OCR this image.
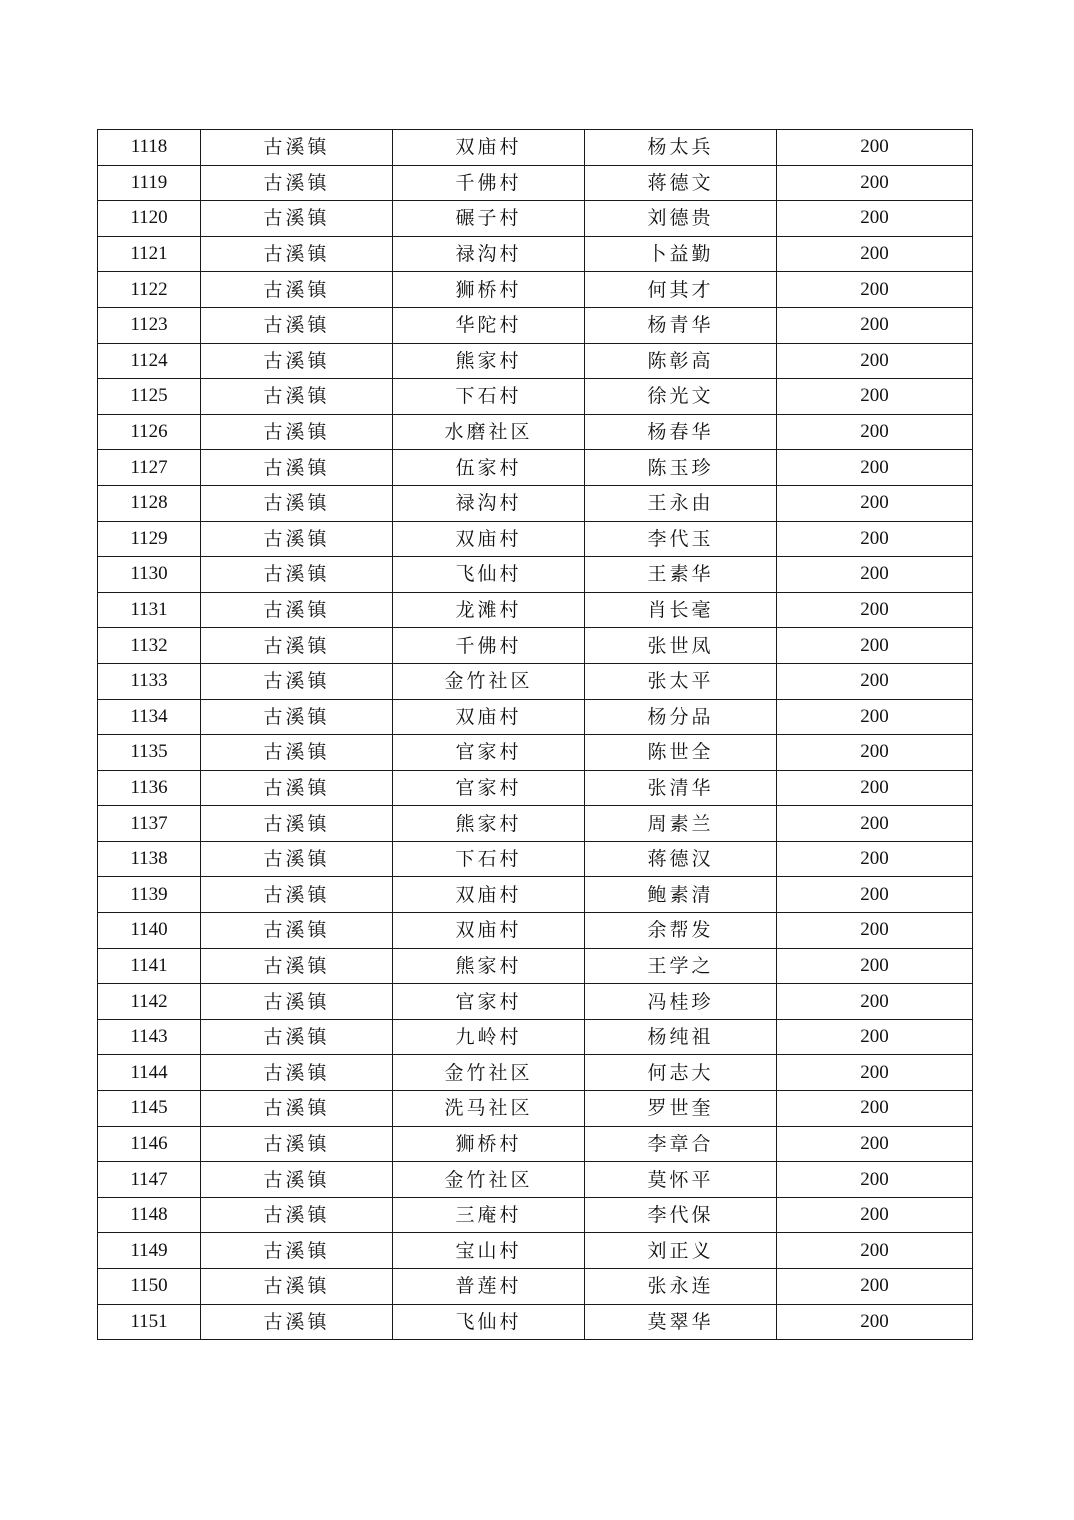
1118	古溪镇	双庙村	杨太兵	200
1119	古溪镇	千佛村	蒋德文	200
1120	古溪镇	碾子村	刘德贵	200
1121	古溪镇	禄沟村	卜益勤	200
1122	古溪镇	狮桥村	何其才	200
1123	古溪镇	华陀村	杨青华	200
1124	古溪镇	熊家村	陈彰高	200
1125	古溪镇	下石村	徐光文	200
1126	古溪镇	水磨社区	杨春华	200
1127	古溪镇	伍家村	陈玉珍	200
1128	古溪镇	禄沟村	王永由	200
1129	古溪镇	双庙村	李代玉	200
1130	古溪镇	飞仙村	王素华	200
1131	古溪镇	龙滩村	肖长毫	200
1132	古溪镇	千佛村	张世凤	200
1133	古溪镇	金竹社区	张太平	200
1134	古溪镇	双庙村	杨分品	200
1135	古溪镇	官家村	陈世全	200
1136	古溪镇	官家村	张清华	200
1137	古溪镇	熊家村	周素兰	200
1138	古溪镇	下石村	蒋德汉	200
1139	古溪镇	双庙村	鲍素清	200
1140	古溪镇	双庙村	余帮发	200
1141	古溪镇	熊家村	王学之	200
1142	古溪镇	官家村	冯桂珍	200
1143	古溪镇	九岭村	杨纯祖	200
1144	古溪镇	金竹社区	何志大	200
1145	古溪镇	洗马社区	罗世奎	200
1146	古溪镇	狮桥村	李章合	200
1147	古溪镇	金竹社区	莫怀平	200
1148	古溪镇	三庵村	李代保	200
1149	古溪镇	宝山村	刘正义	200
1150	古溪镇	普莲村	张永连	200
1151	古溪镇	飞仙村	莫翠华	200
